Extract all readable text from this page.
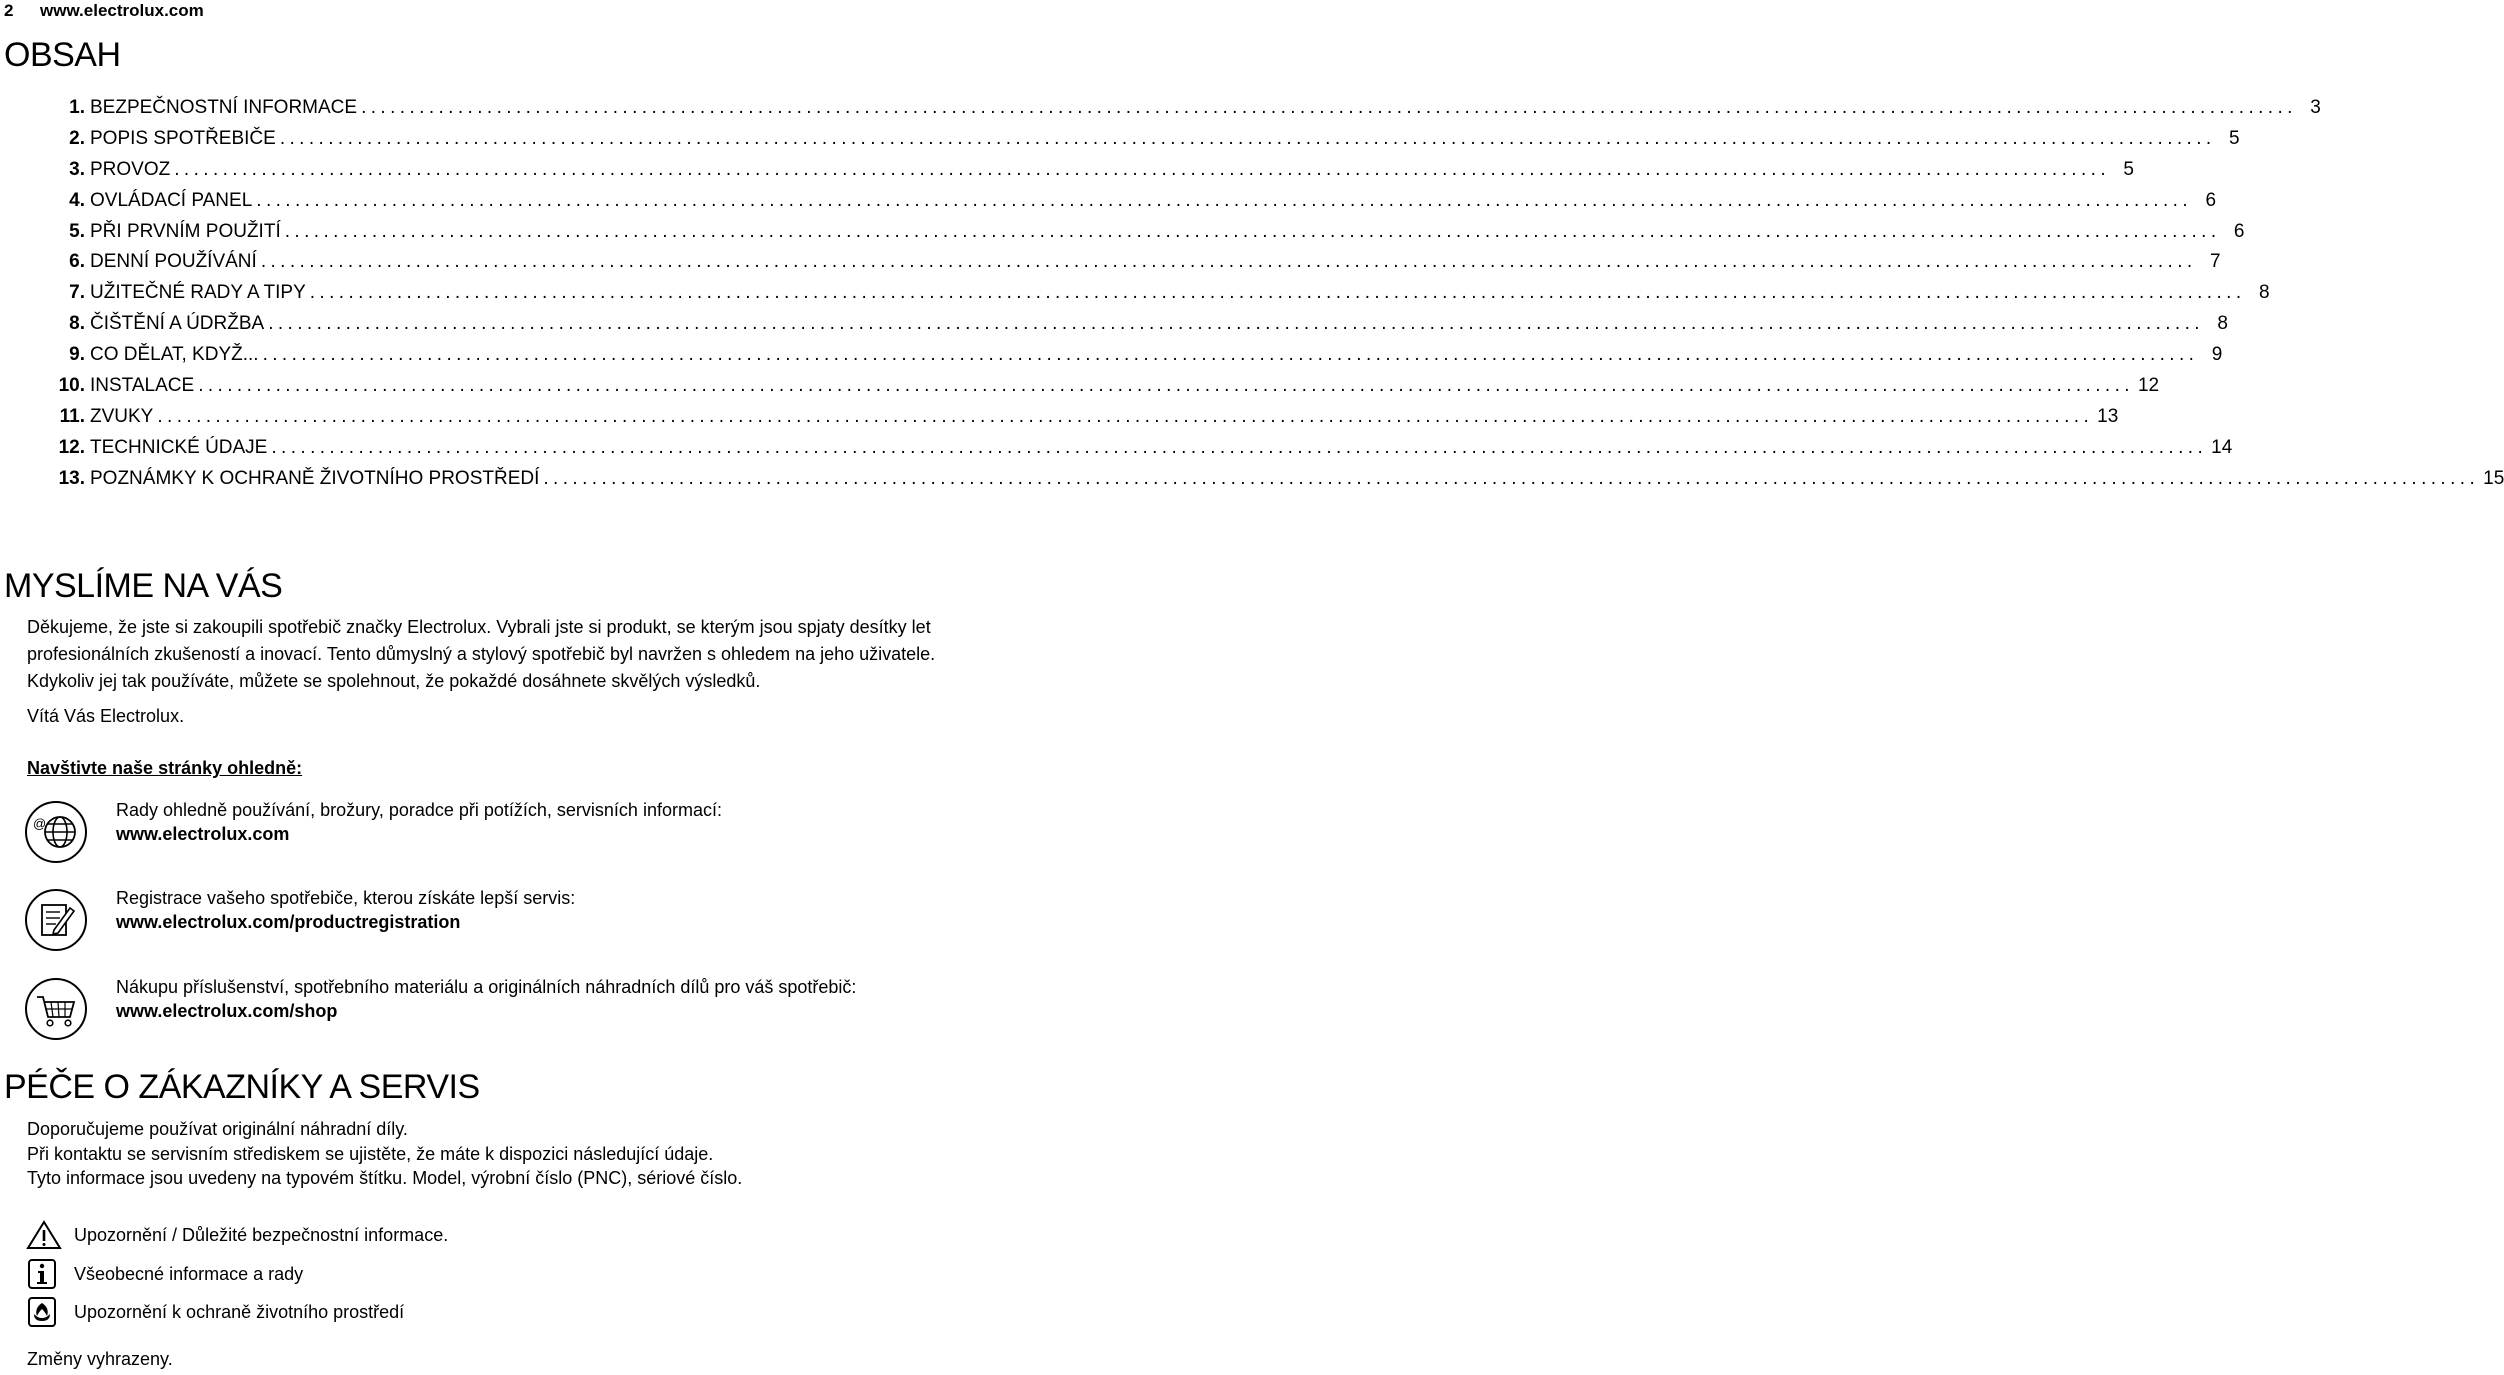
2 www.electrolux.com
OBSAH
1. BEZPEČNOSTNÍ INFORMACE ........................................................................................................................................................................................................ 3
2. POPIS SPOTŘEBIČE ........................................................................................................................................................................................................ 5
3. PROVOZ ........................................................................................................................................................................................................ 5
4. OVLÁDACÍ PANEL ........................................................................................................................................................................................................ 6
5. PŘI PRVNÍM POUŽITÍ ........................................................................................................................................................................................................ 6
6. DENNÍ POUŽÍVÁNÍ ........................................................................................................................................................................................................ 7
7. UŽITEČNÉ RADY A TIPY ........................................................................................................................................................................................................ 8
8. ČIŠTĚNÍ A ÚDRŽBA ........................................................................................................................................................................................................ 8
9. CO DĚLAT, KDYŽ... ........................................................................................................................................................................................................ 9
10. INSTALACE ........................................................................................................................................................................................................ 12
11. ZVUKY ........................................................................................................................................................................................................ 13
12. TECHNICKÉ ÚDAJE ........................................................................................................................................................................................................ 14
13. POZNÁMKY K OCHRANĚ ŽIVOTNÍHO PROSTŘEDÍ ........................................................................................................................................................................................................ 15
MYSLÍME NA VÁS
Děkujeme, že jste si zakoupili spotřebič značky Electrolux. Vybrali jste si produkt, se kterým jsou spjaty desítky let profesionálních zkušeností a inovací. Tento důmyslný a stylový spotřebič byl navržen s ohledem na jeho uživatele. Kdykoliv jej tak používáte, můžete se spolehnout, že pokaždé dosáhnete skvělých výsledků.
Vítá Vás Electrolux.
Navštivte naše stránky ohledně:
@
Rady ohledně používání, brožury, poradce při potížích, servisních informací:
www.electrolux.com
Registrace vašeho spotřebiče, kterou získáte lepší servis:
www.electrolux.com/productregistration
Nákupu příslušenství, spotřebního materiálu a originálních náhradních dílů pro váš spotřebič:
www.electrolux.com/shop
PÉČE O ZÁKAZNÍKY A SERVIS
Doporučujeme používat originální náhradní díly.
Při kontaktu se servisním střediskem se ujistěte, že máte k dispozici následující údaje.
Tyto informace jsou uvedeny na typovém štítku. Model, výrobní číslo (PNC), sériové číslo.
Upozornění / Důležité bezpečnostní informace.
Všeobecné informace a rady
Upozornění k ochraně životního prostředí
Změny vyhrazeny.
